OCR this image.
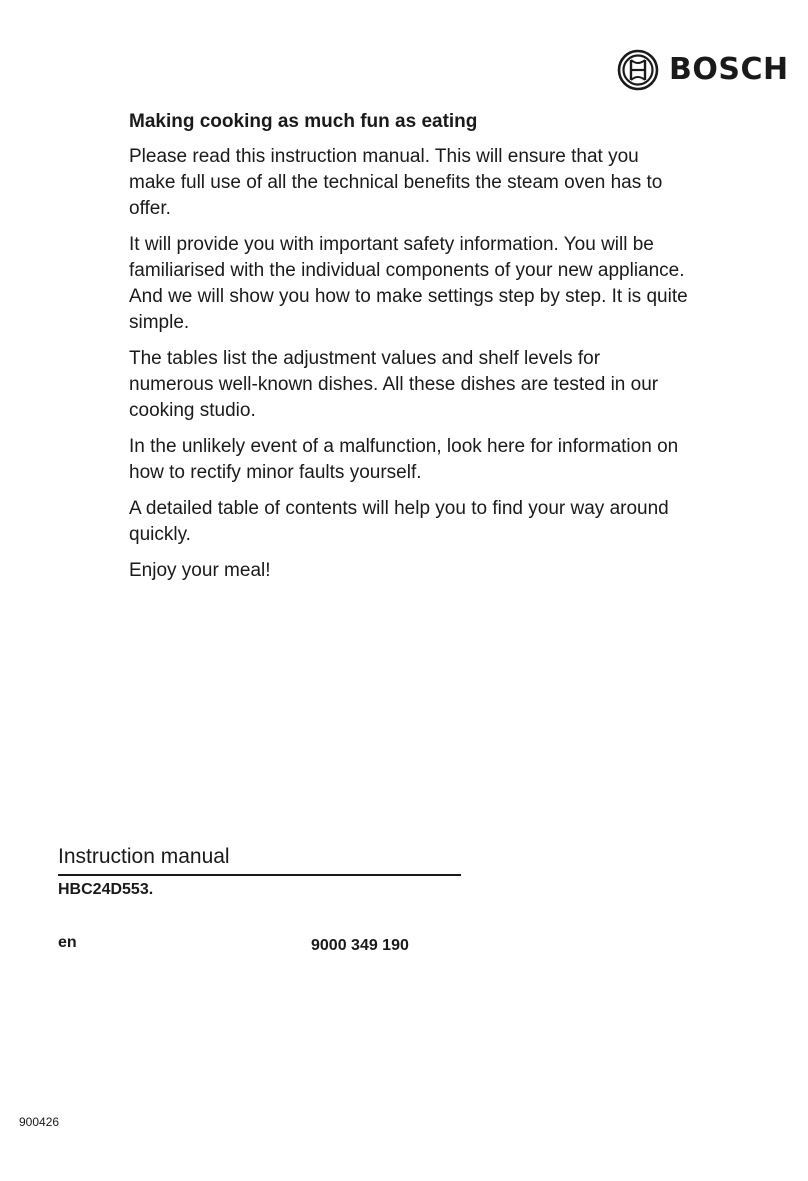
BOSCH

Making cooking as much fun as eating

Please read this instruction manual. This will ensure that you make full use of all the technical benefits the steam oven has to offer.

It will provide you with important safety information. You will be familiarised with the individual components of your new appliance. And we will show you how to make settings step by step. It is quite simple.

The tables list the adjustment values and shelf levels for numerous well-known dishes. All these dishes are tested in our cooking studio.

In the unlikely event of a malfunction, look here for information on how to rectify minor faults yourself.

A detailed table of contents will help you to find your way around quickly.

Enjoy your meal!

Instruction manual
HBC24D553.
en	9000 349 190
900426
